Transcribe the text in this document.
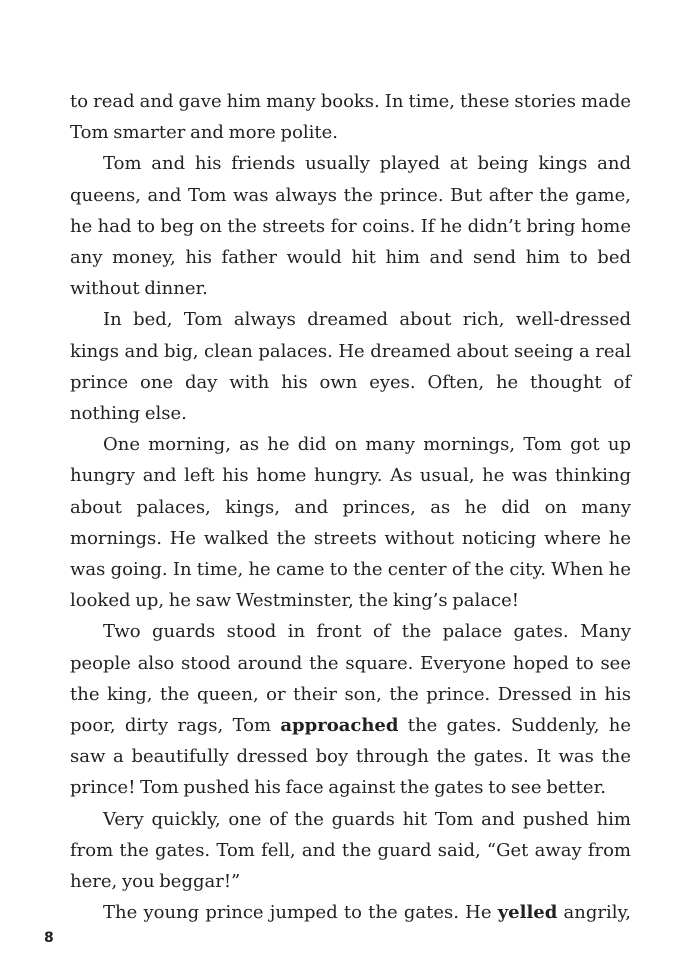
to read and gave him many books. In time, these stories made Tom smarter and more polite.

Tom and his friends usually played at being kings and queens, and Tom was always the prince. But after the game, he had to beg on the streets for coins. If he didn’t bring home any money, his father would hit him and send him to bed without dinner.

In bed, Tom always dreamed about rich, well-dressed kings and big, clean palaces. He dreamed about seeing a real prince one day with his own eyes. Often, he thought of nothing else.

One morning, as he did on many mornings, Tom got up hungry and left his home hungry. As usual, he was thinking about palaces, kings, and princes, as he did on many mornings. He walked the streets without noticing where he was going. In time, he came to the center of the city. When he looked up, he saw Westminster, the king’s palace!

Two guards stood in front of the palace gates. Many people also stood around the square. Everyone hoped to see the king, the queen, or their son, the prince. Dressed in his poor, dirty rags, Tom approached the gates. Suddenly, he saw a beautifully dressed boy through the gates. It was the prince! Tom pushed his face against the gates to see better.

Very quickly, one of the guards hit Tom and pushed him from the gates. Tom fell, and the guard said, “Get away from here, you beggar!”

The young prince jumped to the gates. He yelled angrily,

8
